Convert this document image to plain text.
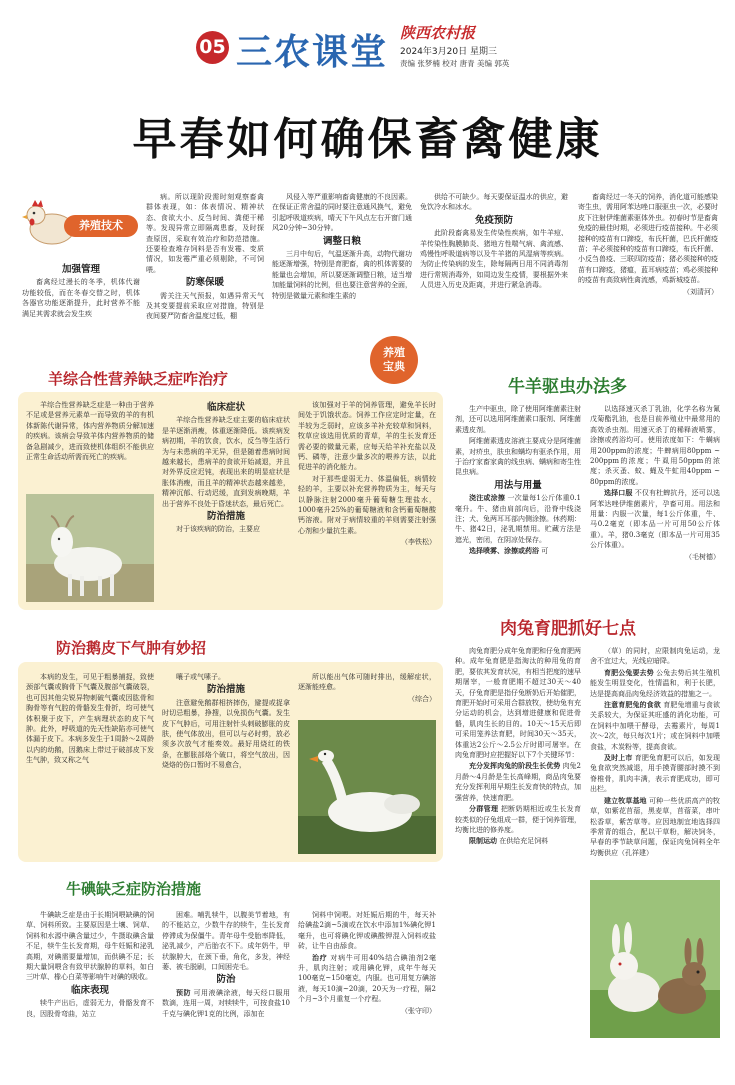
05 三农课堂 陕西农村报
2024年3月20日 星期三
责编 张梦楠 校对 唐青 美编 郭英
早春如何确保畜禽健康
养殖技术
加强管理

畜禽经过漫长的冬季，机体代谢功能较低，而在冬春交替之时，机体各器官功能逐渐提升，此时营养不能满足其需求就会发生疾

病。所以现阶段需时刻观察畜禽群体表现，如：体表情况、精神状态、食欲大小、反刍时间、粪便干稀等。发现异常立即隔离患畜，及时探查原因，采取有效治疗和防范措施。还要检查堆存饲料是否有发霉、变质情况，如发霉严重必须剔除，不可饲喂。

防寒保暖

需关注天气预报，如遇异常天气及其变要提前采取应对措施，特别是夜间要严防畜舍温度过低，棚

风侵入等严重影响畜禽健康的不良因素。在保证正常舍温的同时要注意通风换气，避免引起呼吸道疾病，晴天下午风点左右开窗门通风20分钟~30分钟。

调整日粮

三月中旬后，气温逐渐升高，动物代谢功能逐渐增强，特别是育肥畜，禽的机体需要的能量也会增加，所以要逐渐调整日粮，适当增加能量饲料的比例，但也要注意营养的全面，特别是微量元素和维生素的

供给不可缺少。每天要保证温水的供应，避免饮冷水和冰水。

免疫预防

此阶段畜禽易发生传染性疾病，如牛羊痘、羊传染性胸膜肺炎、猪地方性喘气病、禽流感、鸡慢性呼吸道病等以及牛羊猪的风湿病等疾病。为防止传染病的发生，除每隔两日用不同消毒剂进行常规消毒外，如周边发生疫情，要根据外来人员进入历史及距离，并进行紧急消毒。

畜禽经过一冬天的饲养，消化道可能感染寄生虫，需用阿苯达唑口服驱虫一次，必要时皮下注射伊维菌素驱体外虫。初春时节是畜禽免疫的最佳时期，必须进行疫苗接种。牛必须接种的疫苗有口蹄疫，布氏杆菌，巴氏杆菌疫苗；羊必须接种的疫苗有口蹄疫，布氏杆菌、小反刍兽疫、三联四防疫苗；猪必须接种的疫苗有口蹄疫，猪瘟，蓝耳病疫苗；鸡必须接种的疫苗有高致病性禽流感，鸡新城疫苗。

（刘清河）

羊综合性营养缺乏症咋治疗
养殖
宝典

羊综合性营养缺乏症是一种由于营养不足或是营养元素单一而导致的羊的有机体新陈代谢异常，体内营养物质分解加速的疾病。该病会导致羊体内营养物质的储备急剧减少，进而致使机体组织不能供应正常生命活动所需而死亡的疾病。

临床症状

羊综合性营养缺乏症主要的临床症状是羊逐渐消瘦，体重逐渐降低。该疾病发病初期，羊的饮食，饮水，反刍等生活行为与未患病的羊无异，但是随着患病时间越来越长，患病羊的食欲开始减退，并且对外界反应迟钝，表现出来的明显症状是胀体消瘦，而且羊的精神状态越来越差，精神沉郁、行动迟缓，直到发病晚期，羊出于营养不良处于昏迷状态，最后死亡。

防治措施

对于该疾病的防治，主要应

该加强对于羊的饲养管理，避免羊长时间处于饥饿状态。饲养工作应定时定量，在半较为乏弱时，应该多羊补充较草和饲料，牧草应该选用优质的青草，羊的生长发育还需必要的微量元素，应每天给羊补充盐以及钙、磷等，注意少量多次的喂养方法，以此促进羊的消化能力。

对于那些虚弱无力、体温偏低，病情较轻的羊，主要以补充营养物质为主，每天与以静脉注射2000毫升葡萄糖生理盐水，1000毫升25%的葡萄糖液和含钙葡萄糖酸钙溶液。附对于病情较重的羊则需要注射强心剂和少量抗生素。

（李铁松）

牛羊驱虫办法多

生产中驱虫，除了使用阿维菌素注射剂，还可以选用阿维菌素口服剂、阿维菌素透皮剂。

阿维菌素透皮溶液主要成分是阿维菌素，对疥虫，肤虫和螨均有驱杀作用，用于治疗家畜家禽的线虫病、螨病和寄生性昆虫病。

用法与用量

浇注或涂擦 一次量每1公斤体重0.1毫升。牛、猪由肩部向后，沿脊中线浇注；犬、兔两耳耳部内侧涂擦。休药期：牛、猪42日，泌乳期禁用。贮藏方法是遮光，密闭，在阴凉处保存。

选择喷雾、涂擦或药浴 可

以选择速灭杀丁乳油，化学名称为氰戊菊酯乳油，也是目前养殖业中最常用的高效杀虫剂。用速灭杀丁的稀释液喷雾，涂擦或药浴均可。使用浓度如下：牛螨病用200ppm的浓度；牛蜱病用80ppm ~ 200ppm的浓度；牛虱用50ppm的浓度；杀灭蚤、蚊、蝇及牛虻用40ppm ~ 80ppm的浓度。

选择口服 不仅有杜蜱抗丹，还可以选阿苯达唑伊维菌素片，孕畜可用。用法和用量：内服一次量，每1公斤体重，牛、马0.2毫克（即本品一片可用50公斤体重）。羊，猪0.3毫克（即本品一片可用35公斤体重）。

（毛树德）

防治鹅皮下气肿有妙招

本病的发生，可见于粗暴捕捉，致使颈部气囊或胸骨下气囊及腹部气囊破裂，也可因其他尖锐异物刺破气囊或因肱骨和胸骨等有气腔的骨骼发生骨折，均可使气体积聚于皮下，产生病理状态的皮下气肿。此外，呼吸道的先天性缺陷亦可使气体漏于皮下。本病多发生于1周龄～2周龄以内的幼鹅，因鹅床上带过于破部皮下发生气肿，致又称之气

嚷子或气嗉子。

防治措施

注意避免鹅群相挤摔伤，避提或捉拿时切忌粗暴，挣搜，以免损伤气囊。发生皮下气肿后，可用注射针头刺破膨胀的皮肤，使气体放出，但可以与必时剪，放必须多次放气才能奏效。最好用烧红的铁条，在膨胀部烙个破口，将空气放出，因烧烙的伤口暂时不易愈合，

所以能出气体可随时排出，缓解症状，逐渐能痊愈。

（综合）

肉兔育肥抓好七点

肉兔育肥分成年兔育肥和仔兔育肥两种。成年兔育肥是指淘汰的种用兔的育肥，要依其发育状况，有相当把度的速早期屠宰，一般育肥期不超过30天～40天，仔兔育肥是指仔兔断奶后开始催肥，育肥开始时可采用合群放牧，使幼兔有充分运动的机会，达到增进健康和促进骨骼，肌肉生长的目的。10天～15天后即可采用笼养法育肥，时间30天～35天，体重达2公斤～2.5公斤时即可屠宰。在肉兔育肥时应把握好以下7个关键环节：

充分发挥肉兔的阶段生长优势 肉兔2月龄～4月龄是生长高峰期，商品肉兔要充分发挥利用早期生长发育快的特点，加强营养，快速育肥。

分群管理 把断奶期相近或生长发育较类似的仔兔组成一群，便于饲养管理，均衡比进的修养度。

限制运动 在供给充足饲料

（草）的同时，应限制肉兔运动，龙舍不宜过大，光线应暗降。

育肥公兔要去势 公兔去势后其生殖机能发生明显变化，性情温和，利于长肥，达是提高商品肉兔经济效益的措施之一。

注意育肥兔的食欲 育肥兔增重与食欲关系较大，为保证其旺盛的消化功能，可在饲料中加喂干酵母，去霉素片，每周1次～2次，每只每次1片；或在饲料中加喂食盐，木炭粉等，提高食欲。

及时上市 育肥兔育肥可以后，如发现兔食欲突然减退，用手摸背腰部时摸不到脊椎骨，肌肉丰满，表示育肥成功，即可出栏。

建立牧草基地 可种一些优质高产的牧草，如紫花苜蓿，黑麦草，苜蓿菜，串叶松香草，紫苦草等。应因地制宜地选择四季常青的组合，配以干草粉，解决饲冬，早春的季节缺草问题，保证肉兔饲料全年均衡供应（孔祥建）

牛碘缺乏症防治措施

牛碘缺乏症是由于长期饲喂缺碘的饲草、饲料所致。主要原因是土壤、饲草、饲料和水源中碘含量过少，牛摄取碘含量不足，犊牛生长发育期，母牛妊娠和泌乳高期，对碘需要量增加，而供碘不足；长期大量饲喂含有致甲状腺肿的草料，如白三叶草、橡心白菜等影响牛对碘的吸收。

临床表现

犊牛产出后，虚弱无力，骨骼发育不良，因股骨弯曲，站立

困难。哺乳犊牛，以腹美节着地，有的不能站立，少数牛存的犊牛，生长发育停滞成为保僵牛。青年母牛受胎率降低，泌乳减少，产后胎衣不下。成年奶牛，甲状腺肿大，在颈下垂，角化，多发，神经萎、被毛脱刷，口间困壳毛。

防治

预防 可用液碘涂液，每天经口服用数滴，连用一周，对犊犊牛，可按食盐10千克与碘化钾1克的比例，添加在

饲料中饲喂。对妊娠后期的牛，每天补给碘盐2滴~5滴或在饮水中添加1%碘化钾1毫升，也可将碘化钾或碘酸钾混入饲料或盐砖，让牛自由舔食。

治疗 对病牛可用40%结合碘油剂2毫升，肌肉注射；或用碘化钾，成年牛每天100毫克~150毫克，内服。也可用复方碘溶液，每天10滴~20滴，20天为一疗程，隔2个月~3个月重复一个疗程。

（张守印）
